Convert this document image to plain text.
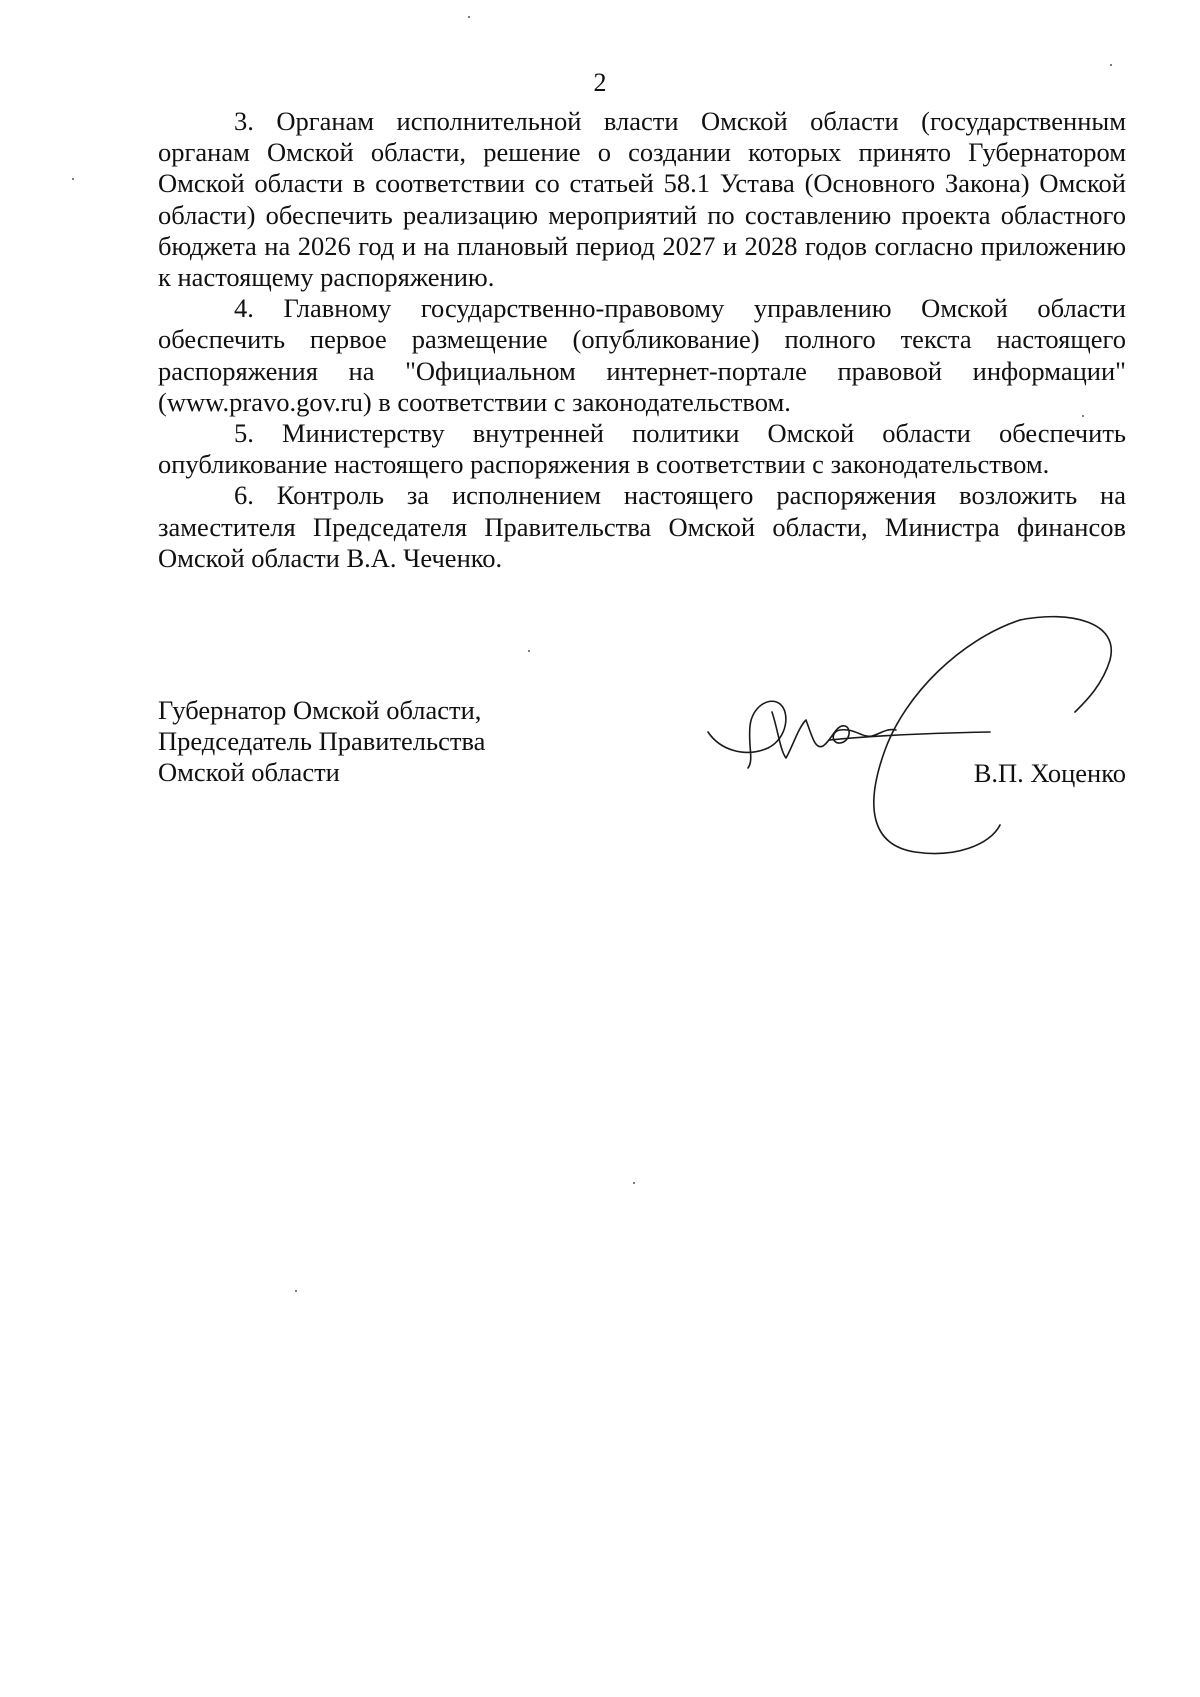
2

3. Органам исполнительной власти Омской области (государственным органам Омской области, решение о создании которых принято Губернатором Омской области в соответствии со статьей 58.1 Устава (Основного Закона) Омской области) обеспечить реализацию мероприятий по составлению проекта областного бюджета на 2026 год и на плановый период 2027 и 2028 годов согласно приложению к настоящему распоряжению.

4. Главному государственно-правовому управлению Омской области обеспечить первое размещение (опубликование) полного текста настоящего распоряжения на "Официальном интернет-портале правовой информации" (www.pravo.gov.ru) в соответствии с законодательством.

5. Министерству внутренней политики Омской области обеспечить опубликование настоящего распоряжения в соответствии с законодательством.

6. Контроль за исполнением настоящего распоряжения возложить на заместителя Председателя Правительства Омской области, Министра финансов Омской области В.А. Чеченко.

Губернатор Омской области,
Председатель Правительства
Омской области	В.П. Хоценко
